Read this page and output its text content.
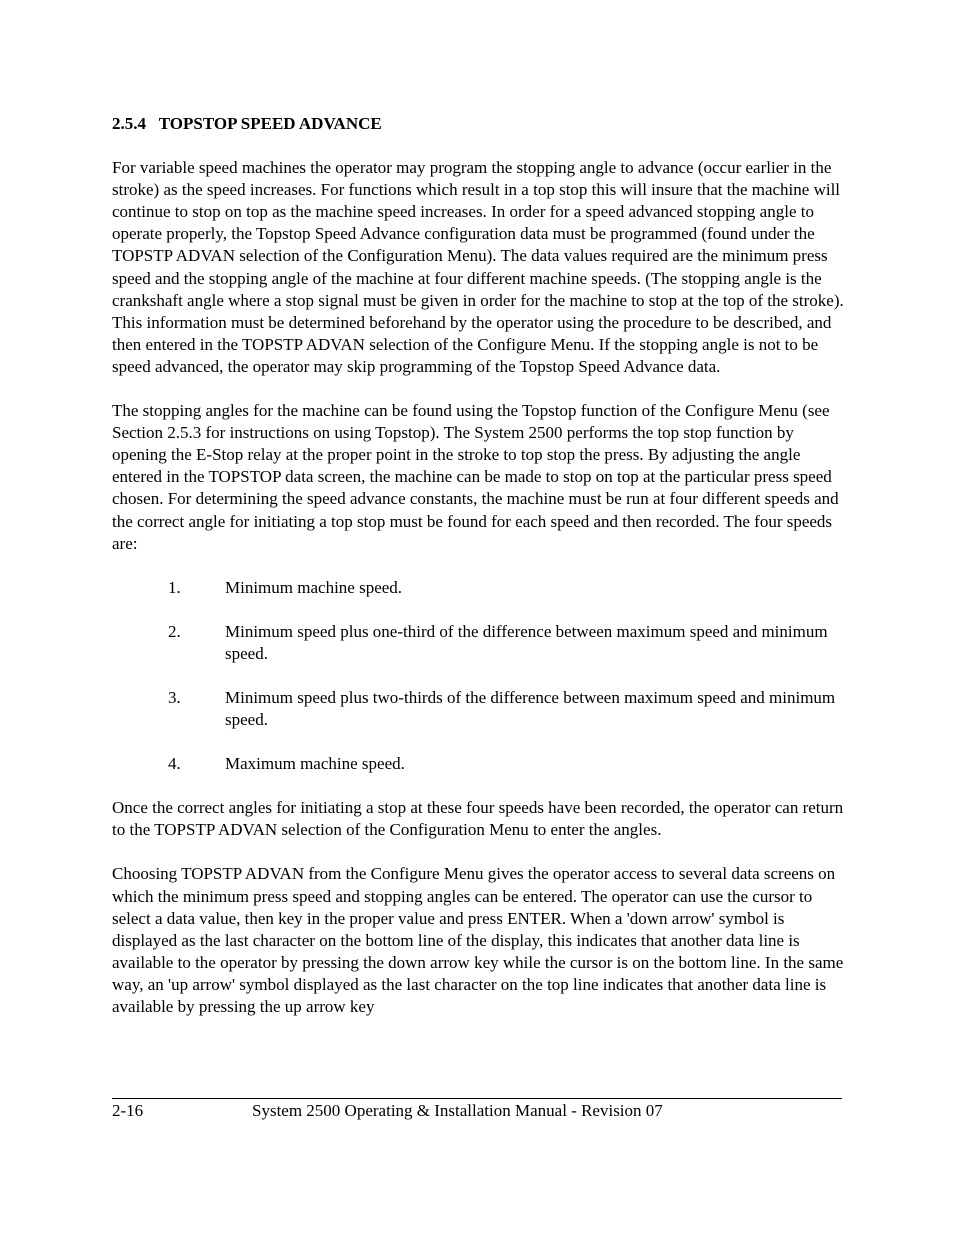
2.5.4   TOPSTOP SPEED ADVANCE

For variable speed machines the operator may program the stopping angle to advance (occur earlier in the stroke) as the speed increases. For functions which result in a top stop this will insure that the machine will continue to stop on top as the machine speed increases. In order for a speed advanced stopping angle to operate properly, the Topstop Speed Advance configuration data must be programmed (found under the TOPSTP ADVAN selection of the Configuration Menu). The data values required are the minimum press speed and the stopping angle of the machine at four different machine speeds. (The stopping angle is the crankshaft angle where a stop signal must be given in order for the machine to stop at the top of the stroke). This information must be determined beforehand by the operator using the procedure to be described, and then entered in the TOPSTP ADVAN selection of the Configure Menu. If the stopping angle is not to be speed advanced, the operator may skip programming of the Topstop Speed Advance data.

The stopping angles for the machine can be found using the Topstop function of the Configure Menu (see Section 2.5.3 for instructions on using Topstop). The System 2500 performs the top stop function by opening the E-Stop relay at the proper point in the stroke to top stop the press. By adjusting the angle entered in the TOPSTOP data screen, the machine can be made to stop on top at the particular press speed chosen. For determining the speed advance constants, the machine must be run at four different speeds and the correct angle for initiating a top stop must be found for each speed and then recorded. The four speeds are:

1.	Minimum machine speed.
2.	Minimum speed plus one-third of the difference between maximum speed and minimum speed.
3.	Minimum speed plus two-thirds of the difference between maximum speed and minimum speed.
4.	Maximum machine speed.

Once the correct angles for initiating a stop at these four speeds have been recorded, the operator can return to the TOPSTP ADVAN selection of the Configuration Menu to enter the angles.

Choosing TOPSTP ADVAN from the Configure Menu gives the operator access to several data screens on which the minimum press speed and stopping angles can be entered. The operator can use the cursor to select a data value, then key in the proper value and press ENTER. When a 'down arrow' symbol is displayed as the last character on the bottom line of the display, this indicates that another data line is available to the operator by pressing the down arrow key while the cursor is on the bottom line. In the same way, an 'up arrow' symbol displayed as the last character on the top line indicates that another data line is available by pressing the up arrow key

2-16	System 2500 Operating & Installation Manual - Revision 07
